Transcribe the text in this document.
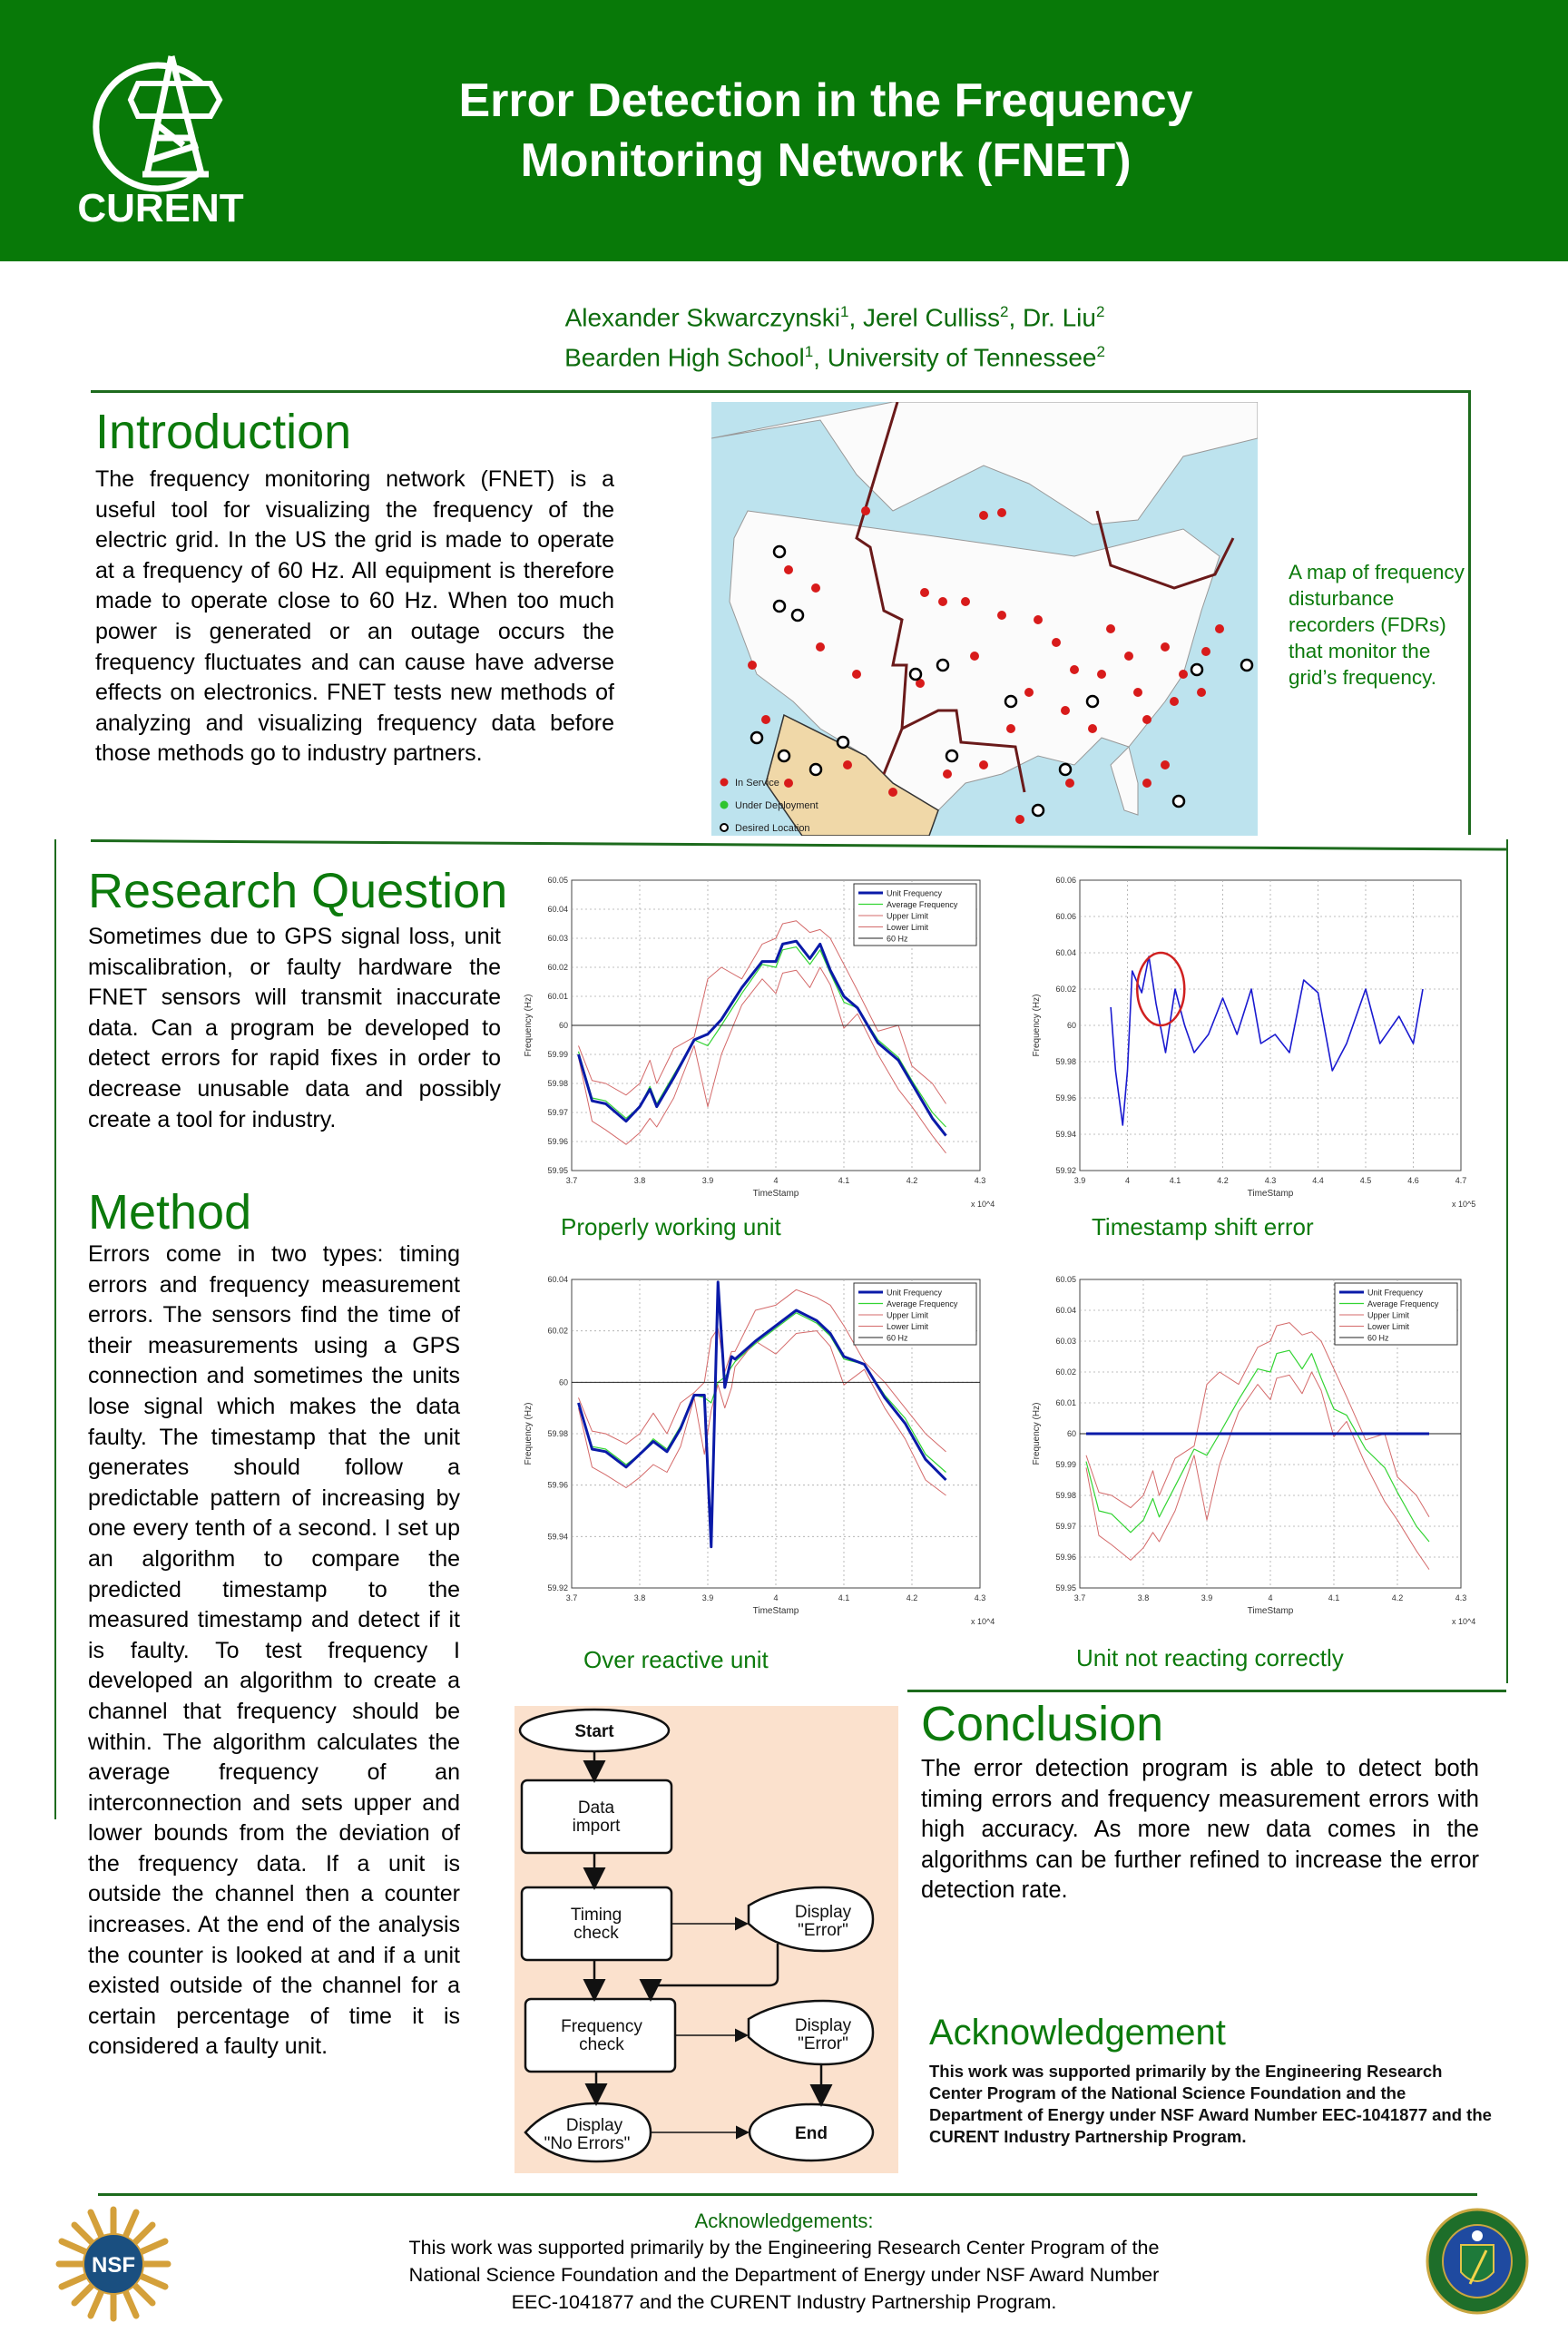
CURENT
Error Detection in the Frequency
Monitoring Network (FNET)
Alexander Skwarczynski$^1$, Jerel Culliss$^2$, Dr. Liu$^2$
Bearden High School$^1$, University of Tennessee$^2$
Introduction
The frequency monitoring network (FNET) is a useful tool for visualizing the frequency of the electric grid. In the US the grid is made to operate at a frequency of 60 Hz. All equipment is therefore made to operate close to 60 Hz. When too much power is generated or an outage occurs the frequency fluctuates and can cause have adverse effects on electronics. FNET tests new methods of analyzing and visualizing frequency data before those methods go to industry partners.
In Service
Under Deployment
Desired Location
A map of frequency disturbance recorders (FDRs) that monitor the grid’s frequency.
Research Question
Sometimes due to GPS signal loss, unit miscalibration, or faulty hardware the FNET sensors will transmit inaccurate data. Can a program be developed to detect errors for rapid fixes in order to decrease unusable data and possibly create a tool for industry.
Method
Errors come in two types: timing errors and frequency measurement errors. The sensors find the time of their measurements using a GPS connection and sometimes the units lose signal which makes the data faulty. The timestamp that the unit generates should follow a predictable pattern of increasing by one every tenth of a second. I set up an algorithm to compare the predicted timestamp to the measured timestamp and detect if it is faulty. To test frequency I developed an algorithm to create a channel that frequency should be within. The algorithm calculates the average frequency of an interconnection and sets upper and lower bounds from the deviation of the frequency data. If a unit is outside the channel then a counter increases. At the end of the analysis the counter is looked at and if a unit existed outside of the channel for a certain percentage of time it is considered a faulty unit.
3.7	3.8	3.9	4	4.1	4.2	4.3
59.95
59.96
59.97
59.98
59.99
60
60.01
60.02
60.03
60.04
60.05
TimeStamp
x 10^4
Frequency (Hz)
Unit Frequency
Average Frequency
Upper Limit
Lower Limit
60 Hz
Properly working unit
3.9	4	4.1	4.2	4.3	4.4	4.5	4.6	4.7
59.92
59.94
59.96
59.98
60
60.02
60.04
60.06
60.06
TimeStamp
x 10^5
Frequency (Hz)
Timestamp shift error
3.7	3.8	3.9	4	4.1	4.2	4.3
59.92
59.94
59.96
59.98
60
60.02
60.04
TimeStamp
x 10^4
Frequency (Hz)
Unit Frequency
Average Frequency
Upper Limit
Lower Limit
60 Hz
Over reactive unit
3.7	3.8	3.9	4	4.1	4.2	4.3
59.95
59.96
59.97
59.98
59.99
60
60.01
60.02
60.03
60.04
60.05
TimeStamp
x 10^4
Frequency (Hz)
Unit Frequency
Average Frequency
Upper Limit
Lower Limit
60 Hz
Unit not reacting correctly
Start
Data
import
Timing
check
Display
"Error"
Frequency
check
Display
"Error"
Display
"No Errors"
End
Conclusion
The error detection program is able to detect both timing errors and frequency measurement errors with high accuracy. As more new data comes in the algorithms can be further refined to increase the error detection rate.
Acknowledgement
This work was supported primarily by the Engineering Research Center Program of the National Science Foundation and the Department of Energy under NSF Award Number EEC-1041877 and the CURENT Industry Partnership Program.
NSF
Acknowledgements:
This work was supported primarily by the Engineering Research Center Program of the
National Science Foundation and the Department of Energy under NSF Award Number
EEC-1041877 and the CURENT Industry Partnership Program.
